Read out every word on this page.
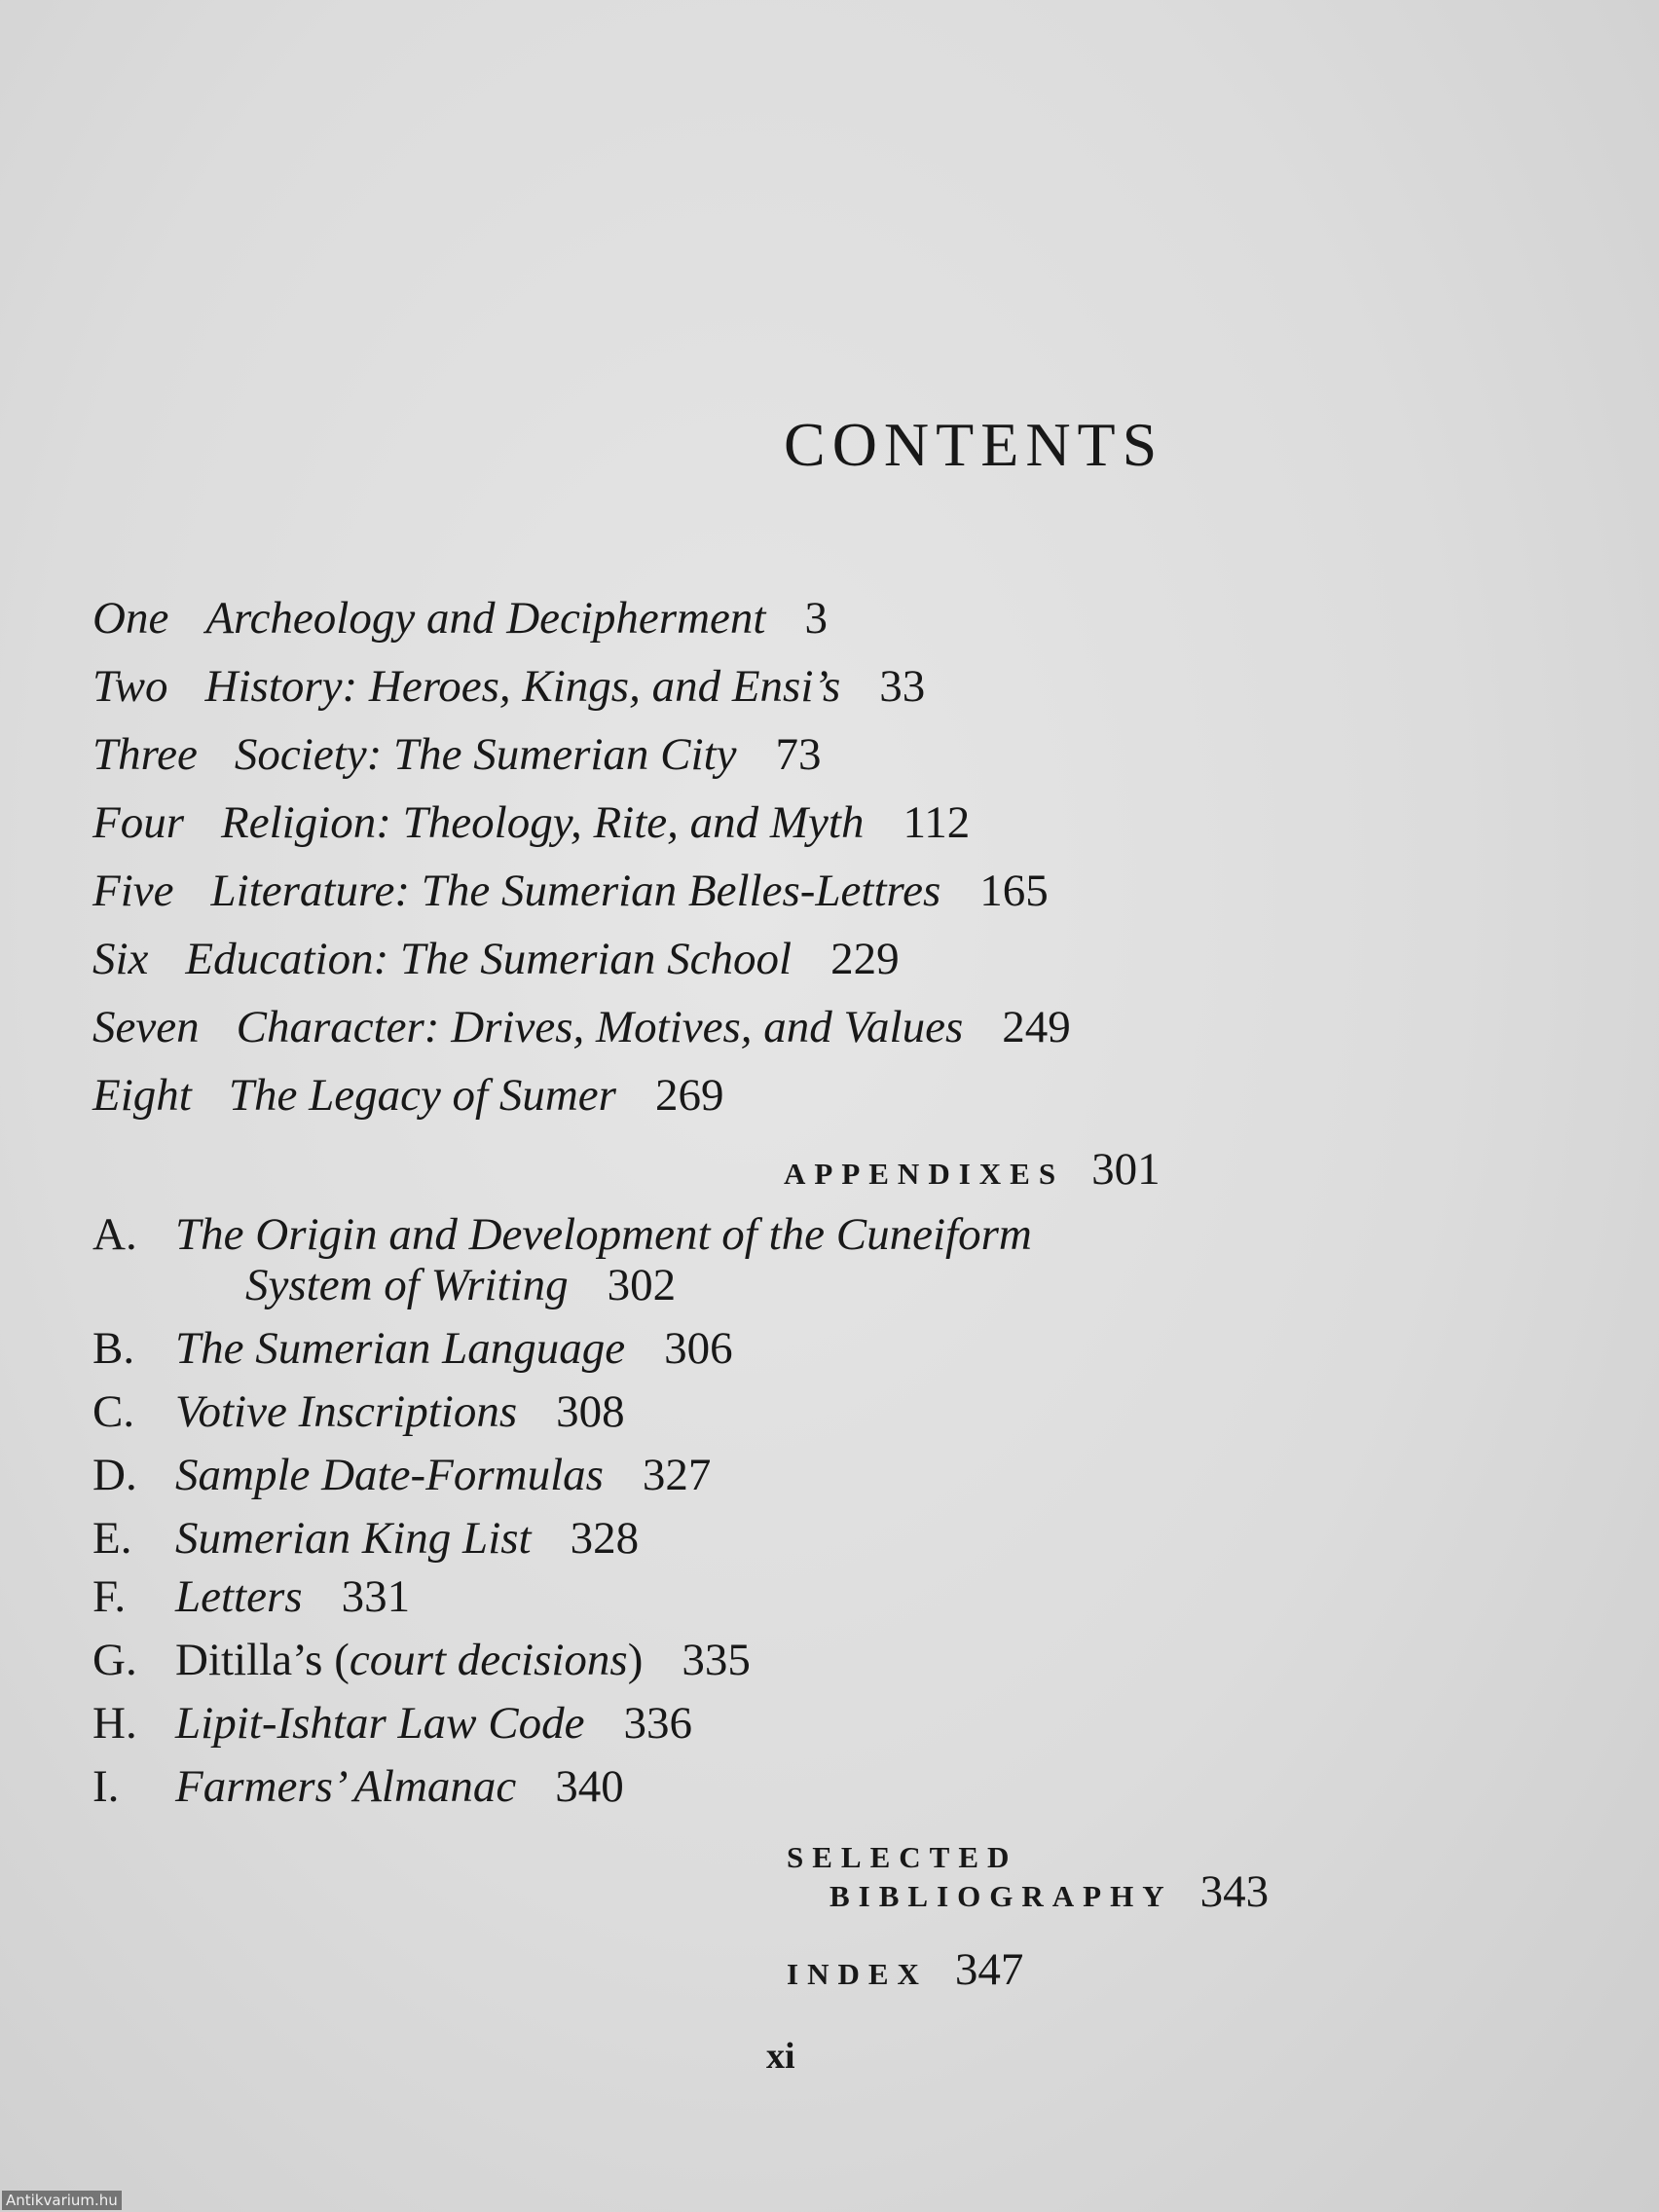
CONTENTS
One Archeology and Decipherment 3
Two History: Heroes, Kings, and Ensi’s 33
Three Society: The Sumerian City 73
Four Religion: Theology, Rite, and Myth 112
Five Literature: The Sumerian Belles-Lettres 165
Six Education: The Sumerian School 229
Seven Character: Drives, Motives, and Values 249
Eight The Legacy of Sumer 269
APPENDIXES 301
A. The Origin and Development of the Cuneiform
System of Writing 302
B. The Sumerian Language 306
C. Votive Inscriptions 308
D. Sample Date-Formulas 327
E. Sumerian King List 328
F. Letters 331
G. Ditilla’s (court decisions) 335
H. Lipit-Ishtar Law Code 336
I. Farmers’ Almanac 340
SELECTED
BIBLIOGRAPHY 343
INDEX 347
xi
Antikvarium.hu
